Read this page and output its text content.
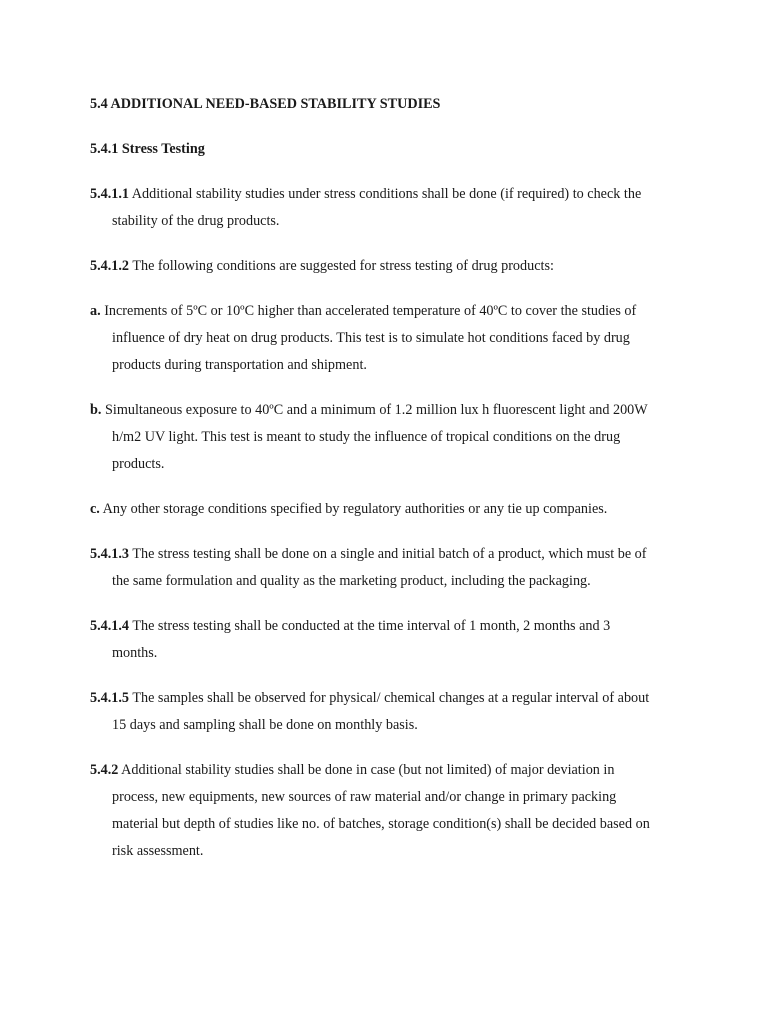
5.4 ADDITIONAL NEED-BASED STABILITY STUDIES

5.4.1 Stress Testing

5.4.1.1 Additional stability studies under stress conditions shall be done (if required) to check the stability of the drug products.

5.4.1.2 The following conditions are suggested for stress testing of drug products:

a. Increments of 5ºC or 10ºC higher than accelerated temperature of 40ºC to cover the studies of influence of dry heat on drug products. This test is to simulate hot conditions faced by drug products during transportation and shipment.

b. Simultaneous exposure to 40ºC and a minimum of 1.2 million lux h fluorescent light and 200W h/m2 UV light. This test is meant to study the influence of tropical conditions on the drug products.

c. Any other storage conditions specified by regulatory authorities or any tie up companies.

5.4.1.3 The stress testing shall be done on a single and initial batch of a product, which must be of the same formulation and quality as the marketing product, including the packaging.

5.4.1.4 The stress testing shall be conducted at the time interval of 1 month, 2 months and 3 months.

5.4.1.5 The samples shall be observed for physical/ chemical changes at a regular interval of about 15 days and sampling shall be done on monthly basis.

5.4.2 Additional stability studies shall be done in case (but not limited) of major deviation in process, new equipments, new sources of raw material and/or change in primary packing material but depth of studies like no. of batches, storage condition(s) shall be decided based on risk assessment.
